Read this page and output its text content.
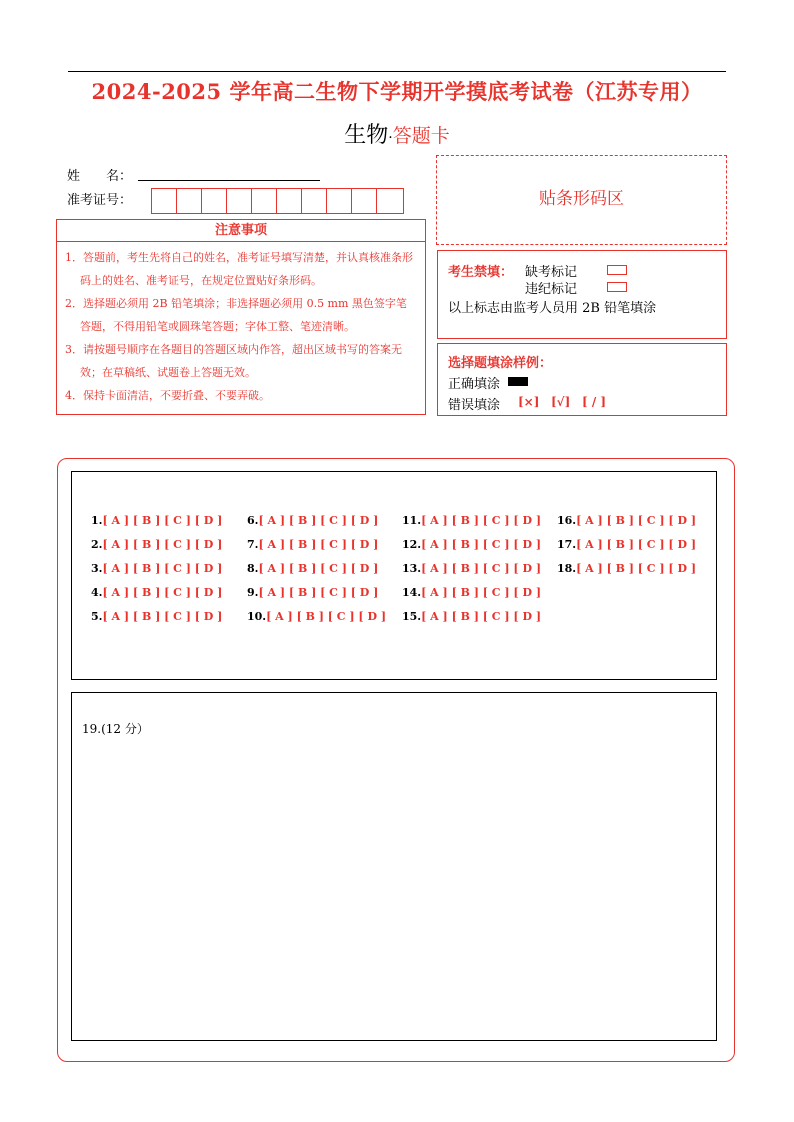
2024-2025 学年高二生物下学期开学摸底考试卷（江苏专用）
生物·答题卡
姓　　名：
准考证号：
注意事项
1．答题前，考生先将自己的姓名，准考证号填写清楚，并认真核准条形码上的姓名、准考证号，在规定位置贴好条形码。
2．选择题必须用 2B 铅笔填涂；非选择题必须用 0.5 mm 黑色签字笔答题，不得用铅笔或圆珠笔答题；字体工整、笔迹清晰。
3．请按题号顺序在各题目的答题区域内作答，超出区域书写的答案无效；在草稿纸、试题卷上答题无效。
4．保持卡面清洁，不要折叠、不要弄破。
贴条形码区
考生禁填： 缺考标记
违纪标记
以上标志由监考人员用 2B 铅笔填涂
选择题填涂样例：
正确填涂
错误填涂 [×] [√] [ / ]
1.[ A ] [ B ] [ C ] [ D ]
2.[ A ] [ B ] [ C ] [ D ]
3.[ A ] [ B ] [ C ] [ D ]
4.[ A ] [ B ] [ C ] [ D ]
5.[ A ] [ B ] [ C ] [ D ]
6.[ A ] [ B ] [ C ] [ D ]
7.[ A ] [ B ] [ C ] [ D ]
8.[ A ] [ B ] [ C ] [ D ]
9.[ A ] [ B ] [ C ] [ D ]
10.[ A ] [ B ] [ C ] [ D ]
11.[ A ] [ B ] [ C ] [ D ]
12.[ A ] [ B ] [ C ] [ D ]
13.[ A ] [ B ] [ C ] [ D ]
14.[ A ] [ B ] [ C ] [ D ]
15.[ A ] [ B ] [ C ] [ D ]
16.[ A ] [ B ] [ C ] [ D ]
17.[ A ] [ B ] [ C ] [ D ]
18.[ A ] [ B ] [ C ] [ D ]
19.(12 分）
